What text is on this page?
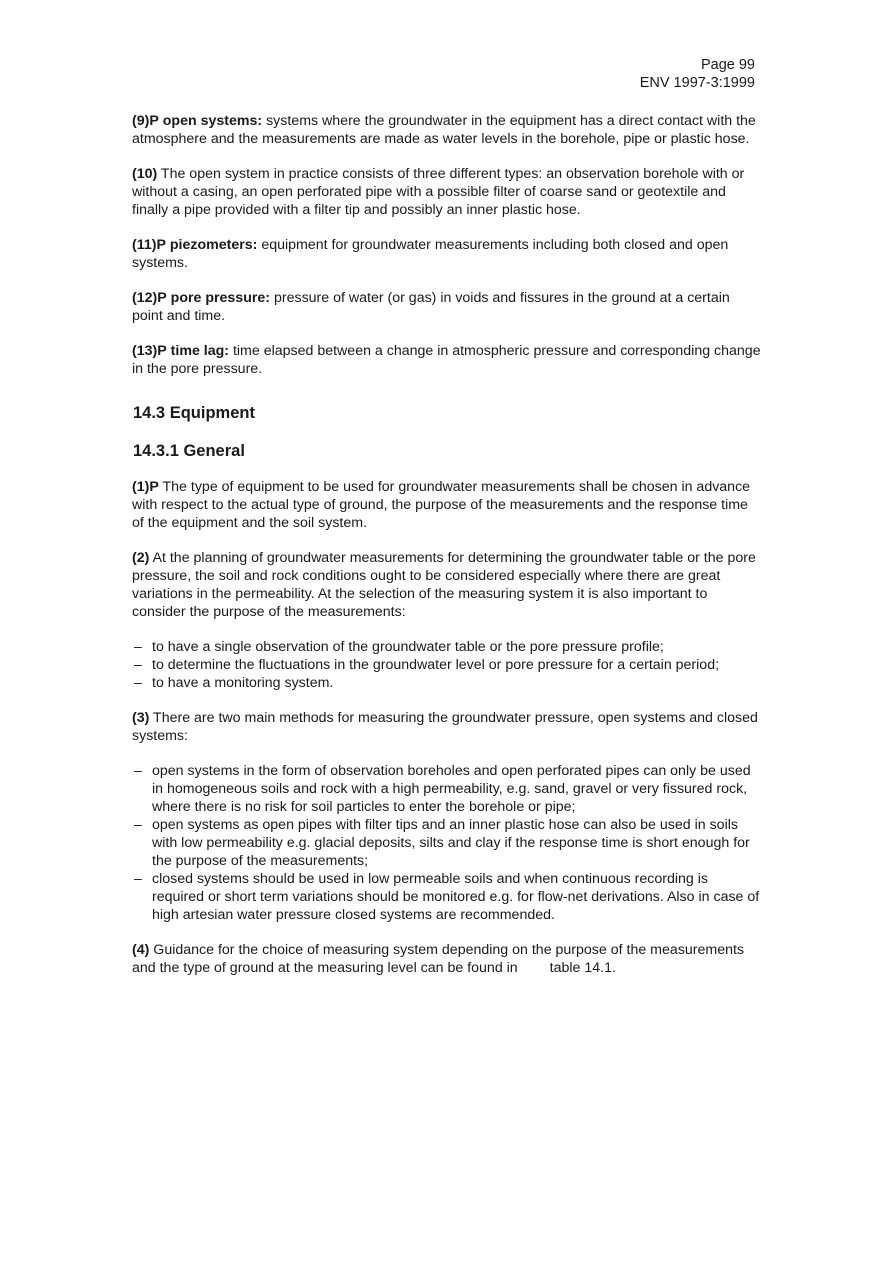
Page 99
ENV 1997-3:1999

(9)P open systems: systems where the groundwater in the equipment has a direct contact with the atmosphere and the measurements are made as water levels in the borehole, pipe or plastic hose.

(10) The open system in practice consists of three different types: an observation borehole with or without a casing, an open perforated pipe with a possible filter of coarse sand or geotextile and finally a pipe provided with a filter tip and possibly an inner plastic hose.

(11)P piezometers: equipment for groundwater measurements including both closed and open systems.

(12)P pore pressure: pressure of water (or gas) in voids and fissures in the ground at a certain point and time.

(13)P time lag: time elapsed between a change in atmospheric pressure and corresponding change in the pore pressure.

14.3 Equipment
14.3.1 General

(1)P The type of equipment to be used for groundwater measurements shall be chosen in advance with respect to the actual type of ground, the purpose of the measurements and the response time of the equipment and the soil system.

(2) At the planning of groundwater measurements for determining the groundwater table or the pore pressure, the soil and rock conditions ought to be considered especially where there are great variations in the permeability. At the selection of the measuring system it is also important to consider the purpose of the measurements:

– to have a single observation of the groundwater table or the pore pressure profile;
– to determine the fluctuations in the groundwater level or pore pressure for a certain period;
– to have a monitoring system.

(3) There are two main methods for measuring the groundwater pressure, open systems and closed systems:

– open systems in the form of observation boreholes and open perforated pipes can only be used in homogeneous soils and rock with a high permeability, e.g. sand, gravel or very fissured rock, where there is no risk for soil particles to enter the borehole or pipe;
– open systems as open pipes with filter tips and an inner plastic hose can also be used in soils with low permeability e.g. glacial deposits, silts and clay if the response time is short enough for the purpose of the measurements;
– closed systems should be used in low permeable soils and when continuous recording is required or short term variations should be monitored e.g. for flow-net derivations. Also in case of high artesian water pressure closed systems are recommended.

(4) Guidance for the choice of measuring system depending on the purpose of the measurements and the type of ground at the measuring level can be found in table 14.1.
